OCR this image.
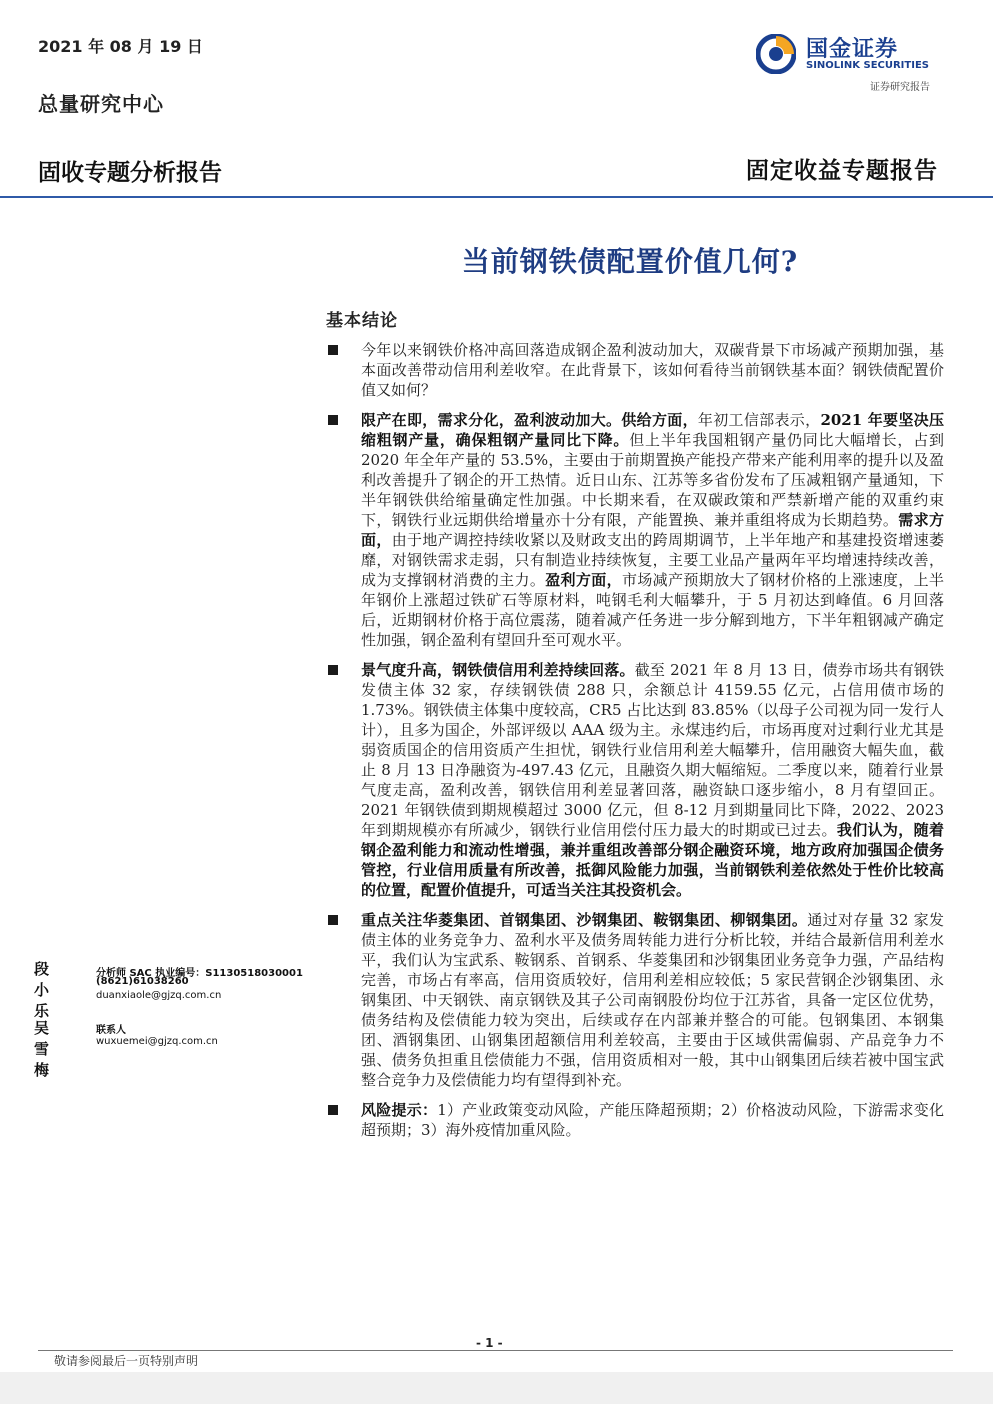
2021 年 08 月 19 日
总量研究中心
国金证券
SINOLINK SECURITIES
证券研究报告
固收专题分析报告	固定收益专题报告
当前钢铁债配置价值几何?
基本结论
今年以来钢铁价格冲高回落造成钢企盈利波动加大，双碳背景下市场减产预期加强，基本面改善带动信用利差收窄。在此背景下，该如何看待当前钢铁基本面？钢铁债配置价值又如何？
限产在即，需求分化，盈利波动加大。供给方面，年初工信部表示，2021 年要坚决压缩粗钢产量，确保粗钢产量同比下降。但上半年我国粗钢产量仍同比大幅增长，占到 2020 年全年产量的 53.5%，主要由于前期置换产能投产带来产能利用率的提升以及盈利改善提升了钢企的开工热情。近日山东、江苏等多省份发布了压减粗钢产量通知，下半年钢铁供给缩量确定性加强。中长期来看，在双碳政策和严禁新增产能的双重约束下，钢铁行业远期供给增量亦十分有限，产能置换、兼并重组将成为长期趋势。需求方面，由于地产调控持续收紧以及财政支出的跨周期调节，上半年地产和基建投资增速萎靡，对钢铁需求走弱，只有制造业持续恢复，主要工业品产量两年平均增速持续改善，成为支撑钢材消费的主力。盈利方面，市场减产预期放大了钢材价格的上涨速度，上半年钢价上涨超过铁矿石等原材料，吨钢毛利大幅攀升，于 5 月初达到峰值。6 月回落后，近期钢材价格于高位震荡，随着减产任务进一步分解到地方，下半年粗钢减产确定性加强，钢企盈利有望回升至可观水平。
景气度升高，钢铁债信用利差持续回落。截至 2021 年 8 月 13 日，债券市场共有钢铁发债主体 32 家，存续钢铁债 288 只，余额总计 4159.55 亿元，占信用债市场的 1.73%。钢铁债主体集中度较高，CR5 占比达到 83.85%（以母子公司视为同一发行人计），且多为国企，外部评级以 AAA 级为主。永煤违约后，市场再度对过剩行业尤其是弱资质国企的信用资质产生担忧，钢铁行业信用利差大幅攀升，信用融资大幅失血，截止 8 月 13 日净融资为-497.43 亿元，且融资久期大幅缩短。二季度以来，随着行业景气度走高，盈利改善，钢铁信用利差显著回落，融资缺口逐步缩小，8 月有望回正。2021 年钢铁债到期规模超过 3000 亿元，但 8-12 月到期量同比下降，2022、2023 年到期规模亦有所减少，钢铁行业信用偿付压力最大的时期或已过去。我们认为，随着钢企盈利能力和流动性增强，兼并重组改善部分钢企融资环境，地方政府加强国企债务管控，行业信用质量有所改善，抵御风险能力加强，当前钢铁利差依然处于性价比较高的位置，配置价值提升，可适当关注其投资机会。
重点关注华菱集团、首钢集团、沙钢集团、鞍钢集团、柳钢集团。通过对存量 32 家发债主体的业务竞争力、盈利水平及债务周转能力进行分析比较，并结合最新信用利差水平，我们认为宝武系、鞍钢系、首钢系、华菱集团和沙钢集团业务竞争力强，产品结构完善，市场占有率高，信用资质较好，信用利差相应较低；5 家民营钢企沙钢集团、永钢集团、中天钢铁、南京钢铁及其子公司南钢股份均位于江苏省，具备一定区位优势，债务结构及偿债能力较为突出，后续或存在内部兼并整合的可能。包钢集团、本钢集团、酒钢集团、山钢集团超额信用利差较高，主要由于区域供需偏弱、产品竞争力不强、债务负担重且偿债能力不强，信用资质相对一般，其中山钢集团后续若被中国宝武整合竞争力及偿债能力均有望得到补充。
风险提示：1）产业政策变动风险，产能压降超预期；2）价格波动风险，下游需求变化超预期；3）海外疫情加重风险。
段小乐
分析师 SAC 执业编号：S1130518030001
(8621)61038260
duanxiaole@gjzq.com.cn
吴雪梅
联系人
wuxuemei@gjzq.com.cn
- 1 -
敬请参阅最后一页特别声明
